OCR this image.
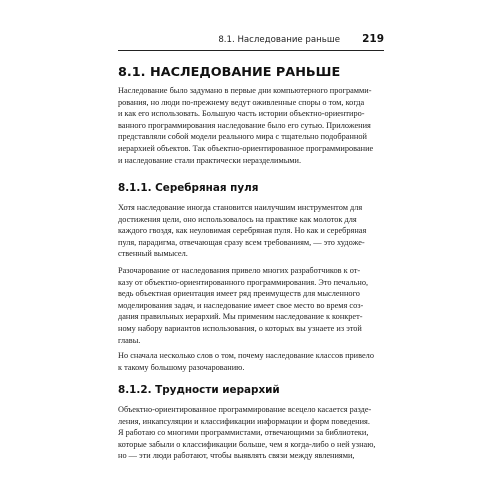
8.1. Наследование раньше 219
8.1. НАСЛЕДОВАНИЕ РАНЬШЕ
Наследование было задумано в первые дни компьютерного программи-
рования, но люди по-прежнему ведут оживленные споры о том, когда
и как его использовать. Большую часть истории объектно-ориентиро-
ванного программирования наследование было его сутью. Приложения
представляли собой модели реального мира с тщательно подобранной
иерархией объектов. Так объектно-ориентированное программирование
и наследование стали практически неразделимыми.
8.1.1. Серебряная пуля
Хотя наследование иногда становится наилучшим инструментом для
достижения цели, оно использовалось на практике как молоток для
каждого гвоздя, как неуловимая серебряная пуля. Но как и серебряная
пуля, парадигма, отвечающая сразу всем требованиям, — это художе-
ственный вымысел.
Разочарование от наследования привело многих разработчиков к от-
казу от объектно-ориентированного программирования. Это печально,
ведь объектная ориентация имеет ряд преимуществ для мысленного
моделирования задач, и наследование имеет свое место во время соз-
дания правильных иерархий. Мы применим наследование к конкрет-
ному набору вариантов использования, о которых вы узнаете из этой
главы.
Но сначала несколько слов о том, почему наследование классов привело
к такому большому разочарованию.
8.1.2. Трудности иерархий
Объектно-ориентированное программирование всецело касается разде-
ления, инкапсуляции и классификации информации и форм поведения.
Я работаю со многими программистами, отвечающими за библиотеки,
которые забыли о классификации больше, чем я когда-либо о ней узнаю,
но — эти люди работают, чтобы выявлять связи между явлениями,
